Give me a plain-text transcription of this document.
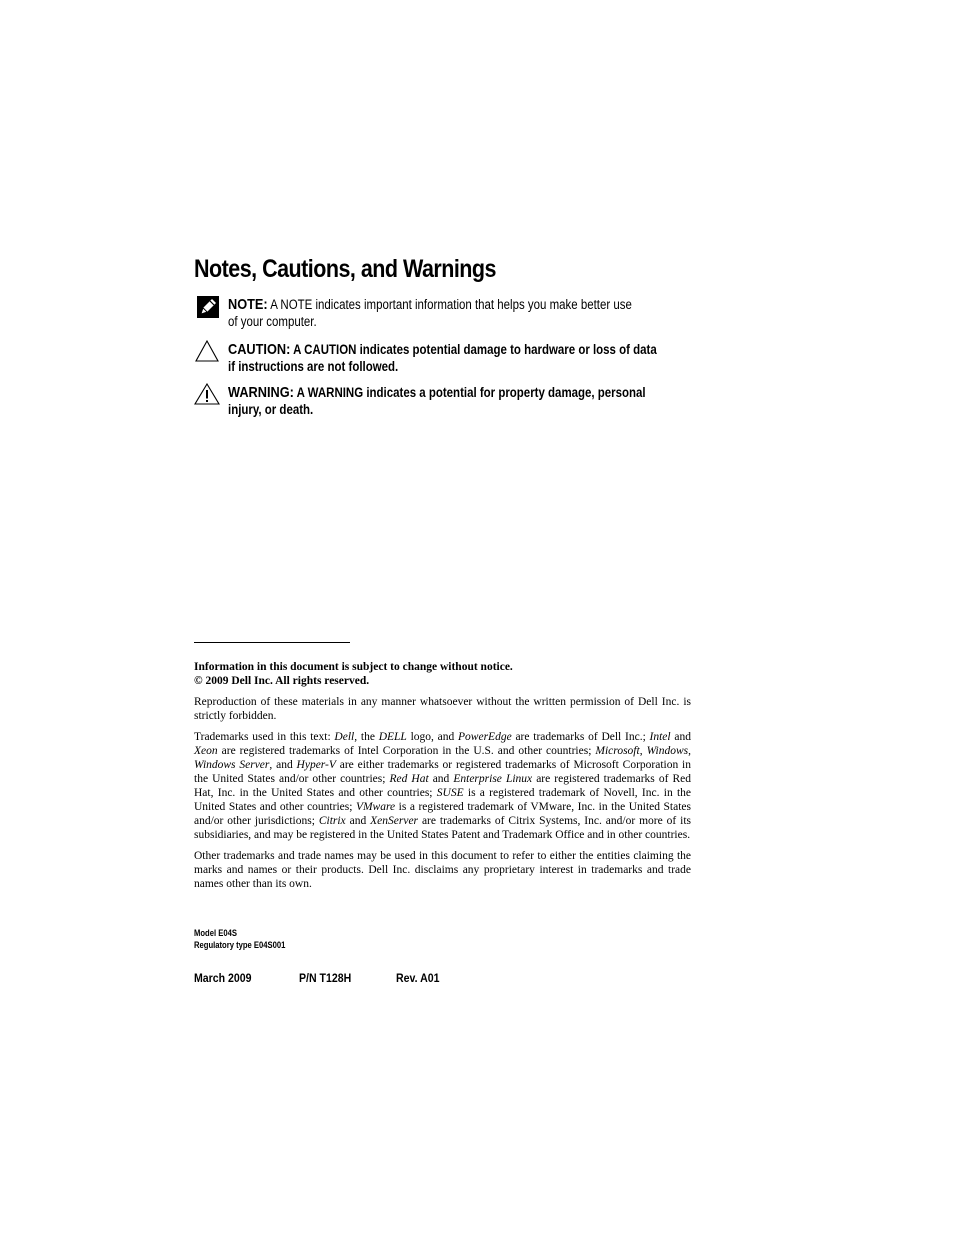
Notes, Cautions, and Warnings
NOTE: A NOTE indicates important information that helps you make better use
of your computer.
CAUTION: A CAUTION indicates potential damage to hardware or loss of data
if instructions are not followed.
WARNING: A WARNING indicates a potential for property damage, personal
injury, or death.

Information in this document is subject to change without notice.
© 2009 Dell Inc. All rights reserved.

Reproduction of these materials in any manner whatsoever without the written permission of Dell Inc. is strictly forbidden.

Trademarks used in this text: Dell, the DELL logo, and PowerEdge are trademarks of Dell Inc.; Intel and Xeon are registered trademarks of Intel Corporation in the U.S. and other countries; Microsoft, Windows, Windows Server, and Hyper-V are either trademarks or registered trademarks of Microsoft Corporation in the United States and/or other countries; Red Hat and Enterprise Linux are registered trademarks of Red Hat, Inc. in the United States and other countries; SUSE is a registered trademark of Novell, Inc. in the United States and other countries; VMware is a registered trademark of VMware, Inc. in the United States and/or other jurisdictions; Citrix and XenServer are trademarks of Citrix Systems, Inc. and/or more of its subsidiaries, and may be registered in the United States Patent and Trademark Office and in other countries.

Other trademarks and trade names may be used in this document to refer to either the entities claiming the marks and names or their products. Dell Inc. disclaims any proprietary interest in trademarks and trade names other than its own.

Model E04S
Regulatory type E04S001
March 2009	P/N T128H	Rev. A01
